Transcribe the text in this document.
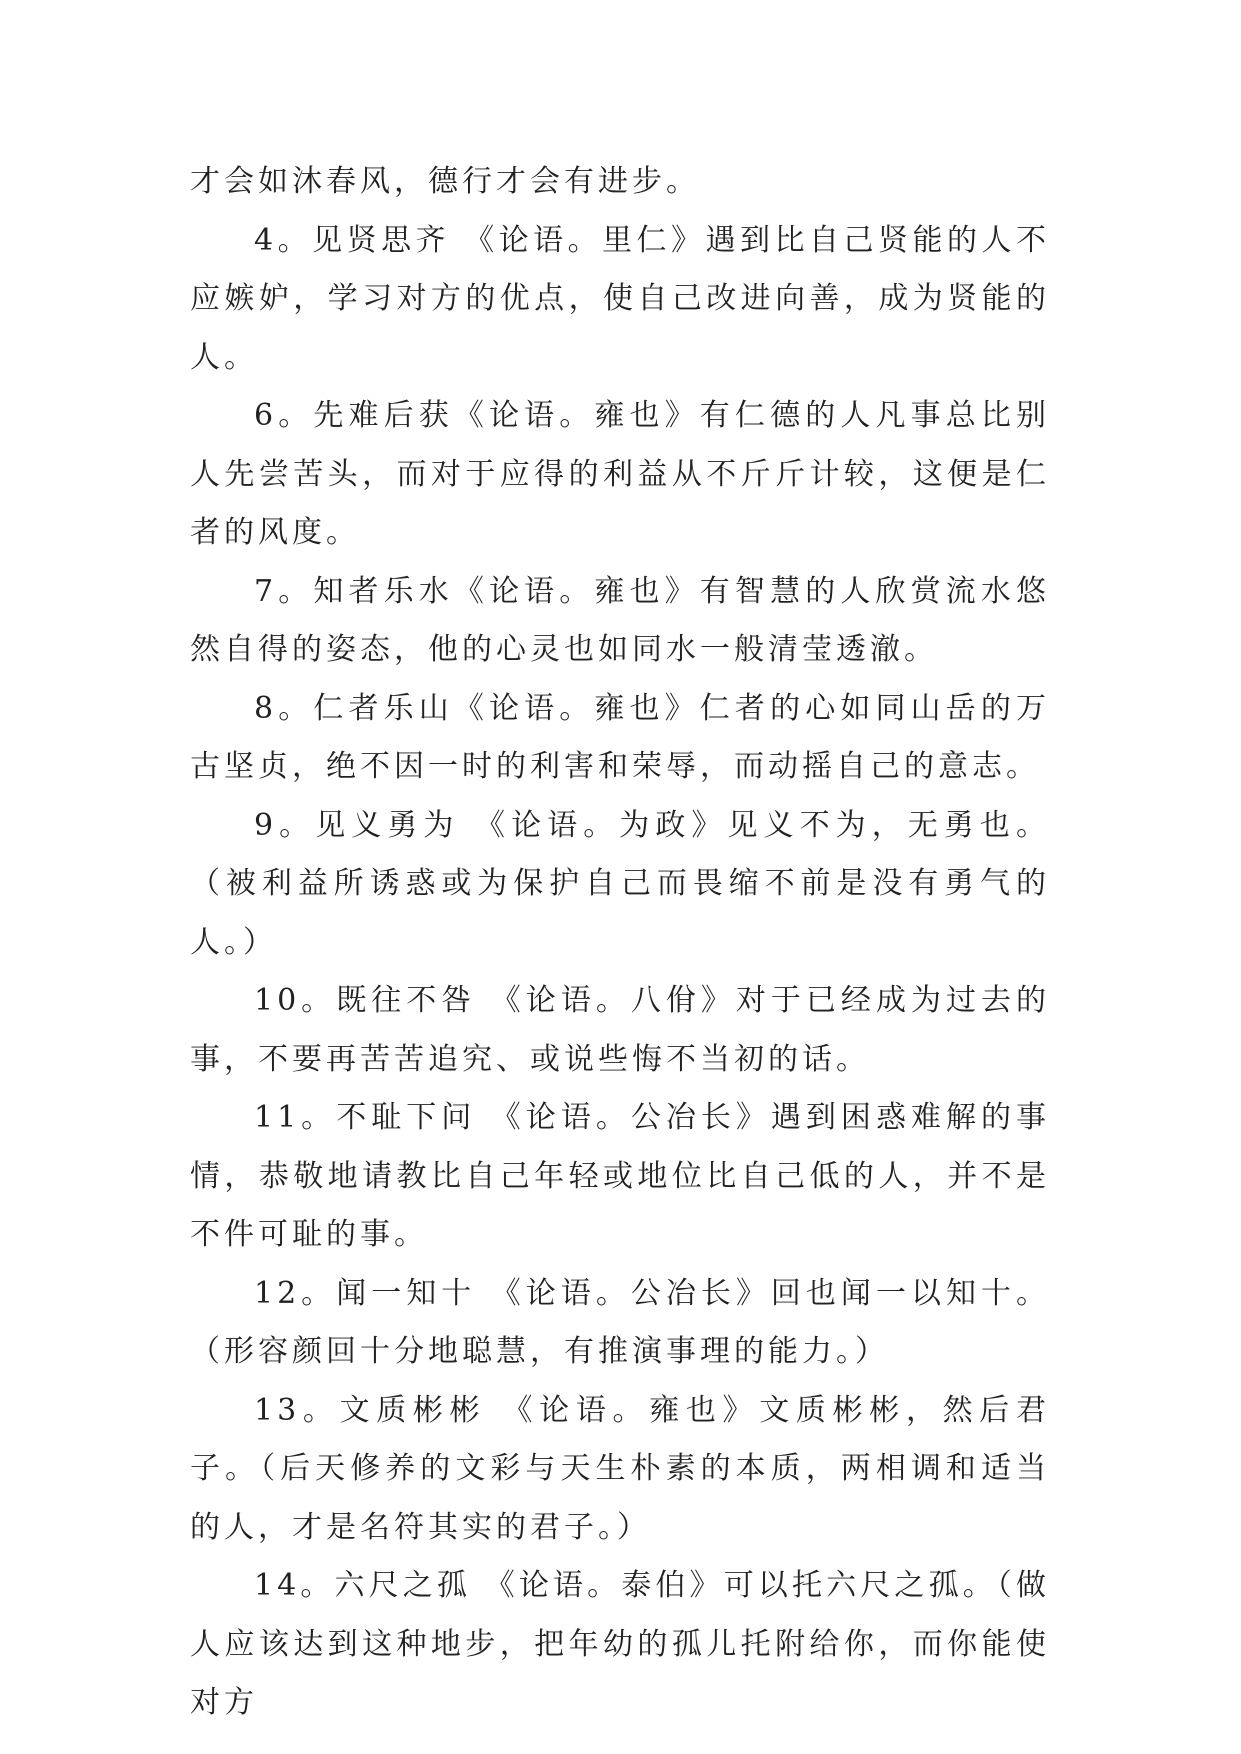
才会如沐春风，德行才会有进步。

4。见贤思齐 《论语。里仁》遇到比自己贤能的人不应嫉妒，学习对方的优点，使自己改进向善，成为贤能的人。

6。先难后获《论语。雍也》有仁德的人凡事总比别人先尝苦头，而对于应得的利益从不斤斤计较，这便是仁者的风度。

7。知者乐水《论语。雍也》有智慧的人欣赏流水悠然自得的姿态，他的心灵也如同水一般清莹透澈。

8。仁者乐山《论语。雍也》仁者的心如同山岳的万古坚贞，绝不因一时的利害和荣辱，而动摇自己的意志。

9。见义勇为 《论语。为政》见义不为，无勇也。（被利益所诱惑或为保护自己而畏缩不前是没有勇气的人。）

10。既往不咎 《论语。八佾》对于已经成为过去的事，不要再苦苦追究、或说些悔不当初的话。

11。不耻下问 《论语。公冶长》遇到困惑难解的事情，恭敬地请教比自己年轻或地位比自己低的人，并不是不件可耻的事。

12。闻一知十 《论语。公冶长》回也闻一以知十。（形容颜回十分地聪慧，有推演事理的能力。）

13。文质彬彬 《论语。雍也》文质彬彬，然后君子。（后天修养的文彩与天生朴素的本质，两相调和适当的人，才是名符其实的君子。）

14。六尺之孤 《论语。泰伯》可以托六尺之孤。（做人应该达到这种地步，把年幼的孤儿托附给你，而你能使对方
